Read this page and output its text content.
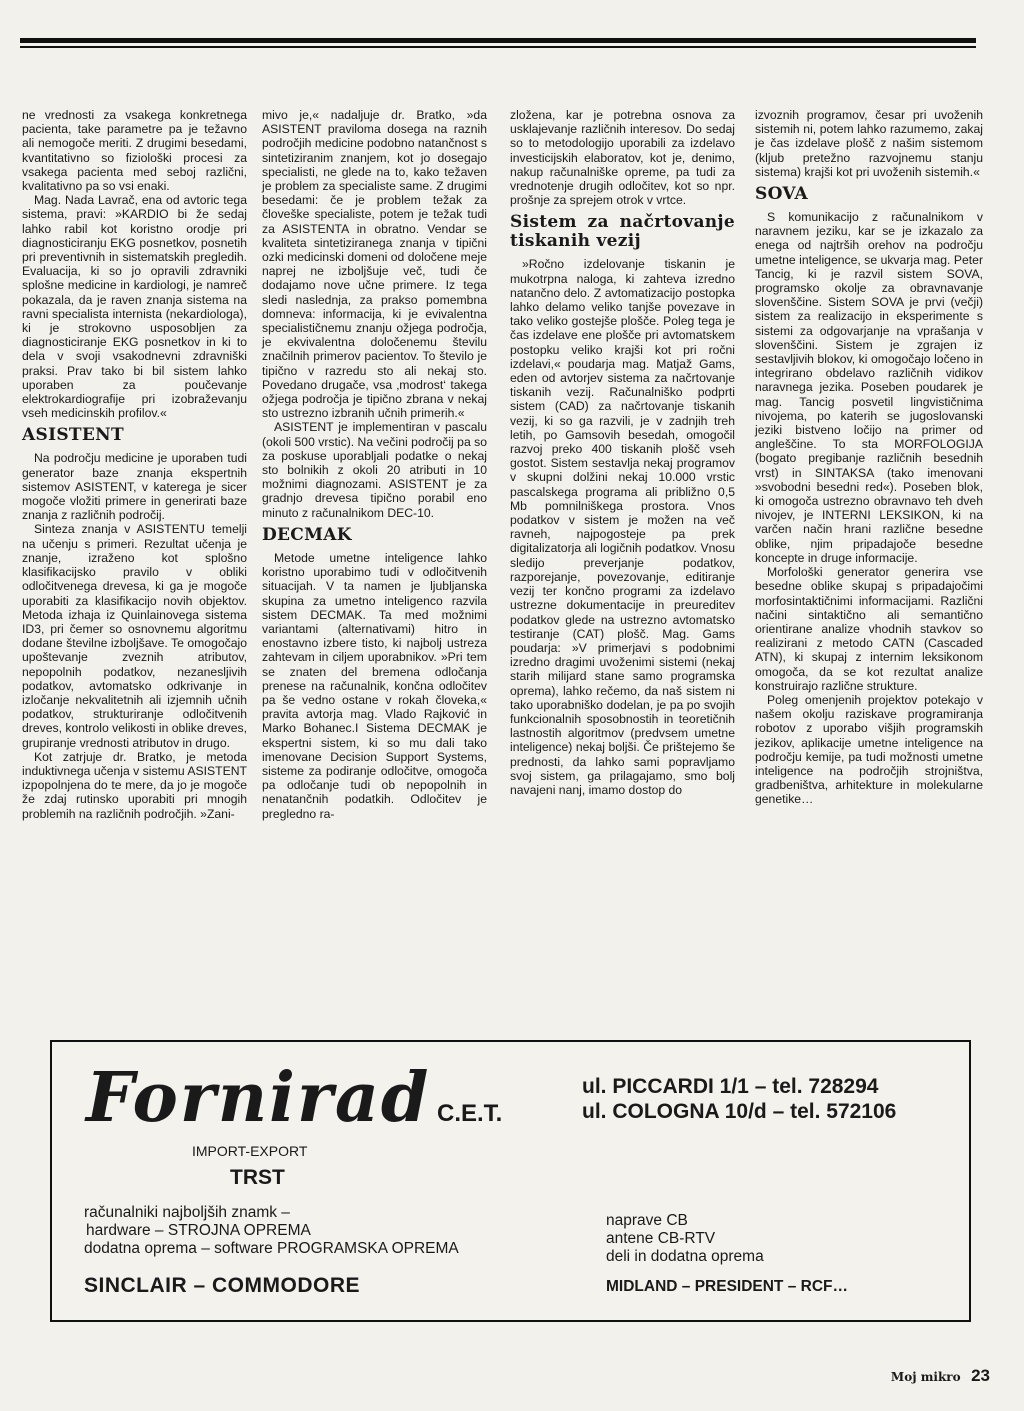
ne vrednosti za vsakega konkretnega pacienta, take parametre pa je težavno ali nemogoče meriti. Z drugimi besedami, kvantitativno so fiziološki procesi za vsakega pacienta med seboj različni, kvalitativno pa so vsi enaki.

Mag. Nada Lavrač, ena od avtoric tega sistema, pravi: »KARDIO bi že sedaj lahko rabil kot koristno orodje pri diagnosticiranju EKG posnetkov, posnetih pri preventivnih in sistematskih pregledih. Evaluacija, ki so jo opravili zdravniki splošne medicine in kardiologi, je namreč pokazala, da je raven znanja sistema na ravni specialista internista (nekardiologa), ki je strokovno usposobljen za diagnosticiranje EKG posnetkov in ki to dela v svoji vsakodnevni zdravniški praksi. Prav tako bi bil sistem lahko uporaben za poučevanje elektrokardiografije pri izobraževanju vseh medicinskih profilov.«

ASISTENT

Na področju medicine je uporaben tudi generator baze znanja ekspertnih sistemov ASISTENT, v katerega je sicer mogoče vložiti primere in generirati baze znanja z različnih področij.

Sinteza znanja v ASISTENTU temelji na učenju s primeri. Rezultat učenja je znanje, izraženo kot splošno klasifikacijsko pravilo v obliki odločitvenega drevesa, ki ga je mogoče uporabiti za klasifikacijo novih objektov. Metoda izhaja iz Quinlainovega sistema ID3, pri čemer so osnovnemu algoritmu dodane številne izboljšave. Te omogočajo upoštevanje zveznih atributov, nepopolnih podatkov, nezanesljivih podatkov, avtomatsko odkrivanje in izločanje nekvalitetnih ali izjemnih učnih podatkov, strukturiranje odločitvenih dreves, kontrolo velikosti in oblike dreves, grupiranje vrednosti atributov in drugo.

Kot zatrjuje dr. Bratko, je metoda induktivnega učenja v sistemu ASISTENT izpopolnjena do te mere, da jo je mogoče že zdaj rutinsko uporabiti pri mnogih problemih na različnih področjih. »Zani-

mivo je,« nadaljuje dr. Bratko, »da ASISTENT praviloma dosega na raznih področjih medicine podobno natančnost s sintetiziranim znanjem, kot jo dosegajo specialisti, ne glede na to, kako težaven je problem za specialiste same. Z drugimi besedami: če je problem težak za človeške specialiste, potem je težak tudi za ASISTENTA in obratno. Vendar se kvaliteta sintetiziranega znanja v tipični ozki medicinski domeni od določene meje naprej ne izboljšuje več, tudi če dodajamo nove učne primere. Iz tega sledi naslednja, za prakso pomembna domneva: informacija, ki je evivalentna specialističnemu znanju ožjega področja, je ekvivalentna določenemu številu značilnih primerov pacientov. To število je tipično v razredu sto ali nekaj sto. Povedano drugače, vsa ‚modrost‘ takega ožjega področja je tipično zbrana v nekaj sto ustrezno izbranih učnih primerih.«

ASISTENT je implementiran v pascalu (okoli 500 vrstic). Na večini področij pa so za poskuse uporabljali podatke o nekaj sto bolnikih z okoli 20 atributi in 10 možnimi diagnozami. ASISTENT je za gradnjo drevesa tipično porabil eno minuto z računalnikom DEC-10.

DECMAK

Metode umetne inteligence lahko koristno uporabimo tudi v odločitvenih situacijah. V ta namen je ljubljanska skupina za umetno inteligenco razvila sistem DECMAK. Ta med možnimi variantami (alternativami) hitro in enostavno izbere tisto, ki najbolj ustreza zahtevam in ciljem uporabnikov. »Pri tem se znaten del bremena odločanja prenese na računalnik, končna odločitev pa še vedno ostane v rokah človeka,« pravita avtorja mag. Vlado Rajković in Marko Bohanec.I Sistema DECMAK je ekspertni sistem, ki so mu dali tako imenovane Decision Support Systems, sisteme za podiranje odločitve, omogoča pa odločanje tudi ob nepopolnih in nenatančnih podatkih. Odločitev je pregledno ra-

zložena, kar je potrebna osnova za usklajevanje različnih interesov. Do sedaj so to metodologijo uporabili za izdelavo investicijskih elaboratov, kot je, denimo, nakup računalniške opreme, pa tudi za vrednotenje drugih odločitev, kot so npr. prošnje za sprejem otrok v vrtce.

Sistem za načrtovanje tiskanih vezij

»Ročno izdelovanje tiskanin je mukotrpna naloga, ki zahteva izredno natančno delo. Z avtomatizacijo postopka lahko delamo veliko tanjše povezave in tako veliko gostejše plošče. Poleg tega je čas izdelave ene plošče pri avtomatskem postopku veliko krajši kot pri ročni izdelavi,« poudarja mag. Matjaž Gams, eden od avtorjev sistema za načrtovanje tiskanih vezij. Računalniško podprti sistem (CAD) za načrtovanje tiskanih vezij, ki so ga razvili, je v zadnjih treh letih, po Gamsovih besedah, omogočil razvoj preko 400 tiskanih plošč vseh gostot. Sistem sestavlja nekaj programov v skupni dolžini nekaj 10.000 vrstic pascalskega programa ali približno 0,5 Mb pomnilniškega prostora. Vnos podatkov v sistem je možen na več ravneh, najpogosteje pa prek digitalizatorja ali logičnih podatkov. Vnosu sledijo preverjanje podatkov, razporejanje, povezovanje, editiranje vezij ter končno programi za izdelavo ustrezne dokumentacije in preureditev podatkov glede na ustrezno avtomatsko testiranje (CAT) plošč. Mag. Gams poudarja: »V primerjavi s podobnimi izredno dragimi uvoženimi sistemi (nekaj starih milijard stane samo programska oprema), lahko rečemo, da naš sistem ni tako uporabniško dodelan, je pa po svojih funkcionalnih sposobnostih in teoretičnih lastnostih algoritmov (predvsem umetne inteligence) nekaj boljši. Če prištejemo še prednosti, da lahko sami popravljamo svoj sistem, ga prilagajamo, smo bolj navajeni nanj, imamo dostop do

izvoznih programov, česar pri uvoženih sistemih ni, potem lahko razumemo, zakaj je čas izdelave plošč z našim sistemom (kljub pretežno razvojnemu stanju sistema) krajši kot pri uvoženih sistemih.«

SOVA

S komunikacijo z računalnikom v naravnem jeziku, kar se je izkazalo za enega od najtrših orehov na področju umetne inteligence, se ukvarja mag. Peter Tancig, ki je razvil sistem SOVA, programsko okolje za obravnavanje slovenščine. Sistem SOVA je prvi (večji) sistem za realizacijo in eksperimente s sistemi za odgovarjanje na vprašanja v slovenščini. Sistem je zgrajen iz sestavljivih blokov, ki omogočajo ločeno in integrirano obdelavo različnih vidikov naravnega jezika. Poseben poudarek je mag. Tancig posvetil lingvističnima nivojema, po katerih se jugoslovanski jeziki bistveno ločijo na primer od angleščine. To sta MORFOLOGIJA (bogato pregibanje različnih besednih vrst) in SINTAKSA (tako imenovani »svobodni besedni red«). Poseben blok, ki omogoča ustrezno obravnavo teh dveh nivojev, je INTERNI LEKSIKON, ki na varčen način hrani različne besedne oblike, njim pripadajoče besedne koncepte in druge informacije.

Morfološki generator generira vse besedne oblike skupaj s pripadajočimi morfosintaktičnimi informacijami. Različni načini sintaktično ali semantično orientirane analize vhodnih stavkov so realizirani z metodo CATN (Cascaded ATN), ki skupaj z internim leksikonom omogoča, da se kot rezultat analize konstruirajo različne strukture.

Poleg omenjenih projektov potekajo v našem okolju raziskave programiranja robotov z uporabo višjih programskih jezikov, aplikacije umetne inteligence na področju kemije, pa tudi možnosti umetne inteligence na področjih strojništva, gradbeništva, arhitekture in molekularne genetike…

Fornirad C.E.T.
ul. PICCARDI 1/1 – tel. 728294
ul. COLOGNA 10/d – tel. 572106
IMPORT-EXPORT
TRST
računalniki najboljših znamk –
hardware – STROJNA OPREMA
dodatna oprema – software PROGRAMSKA OPREMA
naprave CB
antene CB-RTV
deli in dodatna oprema
SINCLAIR – COMMODORE	MIDLAND – PRESIDENT – RCF…
Moj mikro 23
